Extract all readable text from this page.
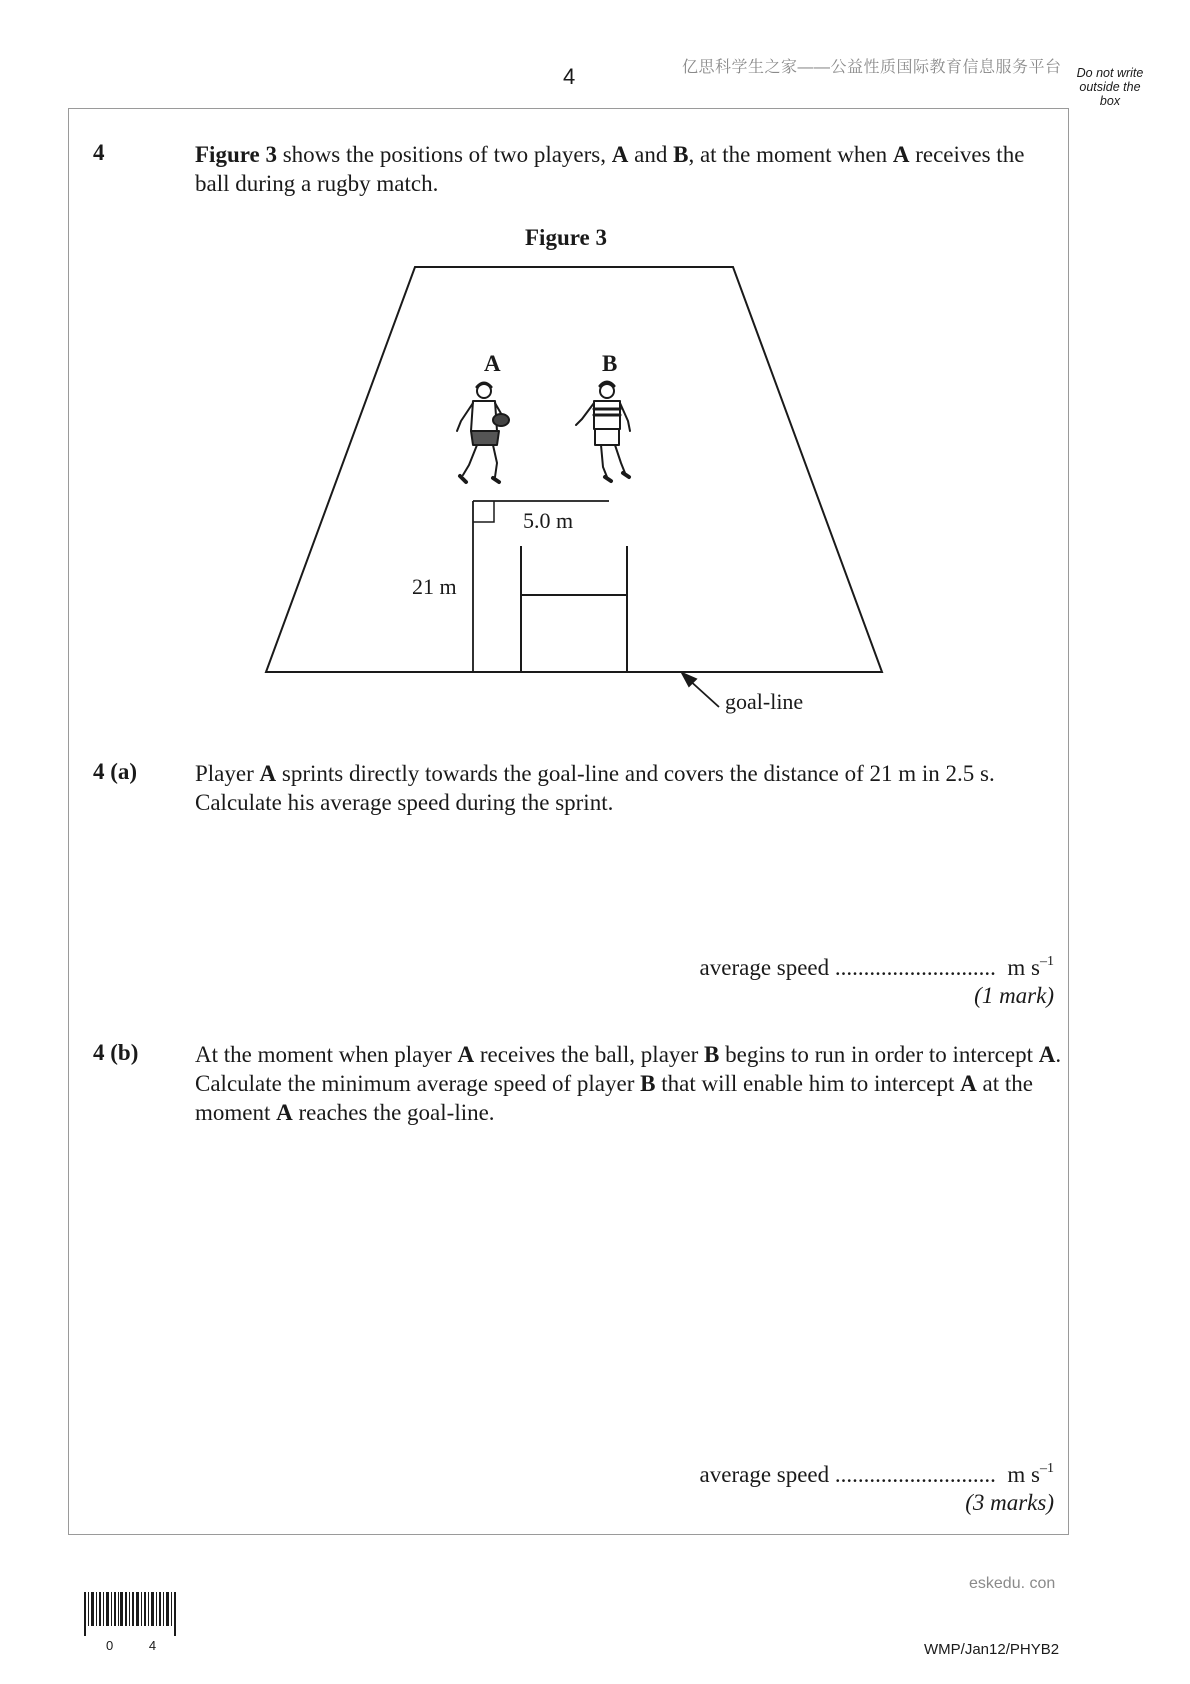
4	亿思科学生之家——公益性质国际教育信息服务平台	Do not write outside the box
4	Figure 3 shows the positions of two players, A and B, at the moment when A receives the ball during a rugby match.
Figure 3
A	B
5.0 m
21 m
goal-line
4 (a)	Player A sprints directly towards the goal-line and covers the distance of 21 m in 2.5 s.
Calculate his average speed during the sprint.
average speed ............................ m $s^{-1}$
(1 mark)
4 (b) At the moment when player A receives the ball, player B begins to run in order to intercept A.
Calculate the minimum average speed of player B that will enable him to intercept A at the moment A reaches the goal-line.
average speed ............................ m $s^{-1}$
(3 marks)
eskedu. con
0 4	WMP/Jan12/PHYB2
